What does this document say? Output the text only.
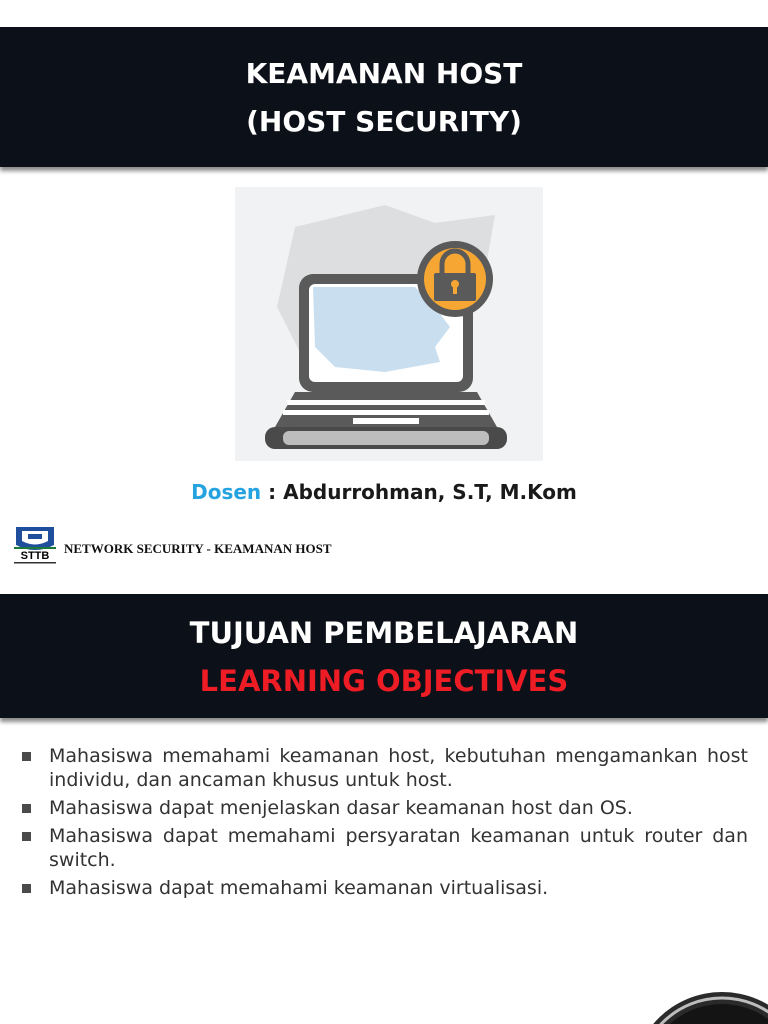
KEAMANAN HOST
(HOST SECURITY)
Dosen : Abdurrohman, S.T, M.Kom
STTB NETWORK SECURITY - KEAMANAN HOST
TUJUAN PEMBELAJARAN
LEARNING OBJECTIVES
Mahasiswa memahami keamanan host, kebutuhan mengamankan host individu, dan ancaman khusus untuk host.
Mahasiswa dapat menjelaskan dasar keamanan host dan OS.
Mahasiswa dapat memahami persyaratan keamanan untuk router dan switch.
Mahasiswa dapat memahami keamanan virtualisasi.
